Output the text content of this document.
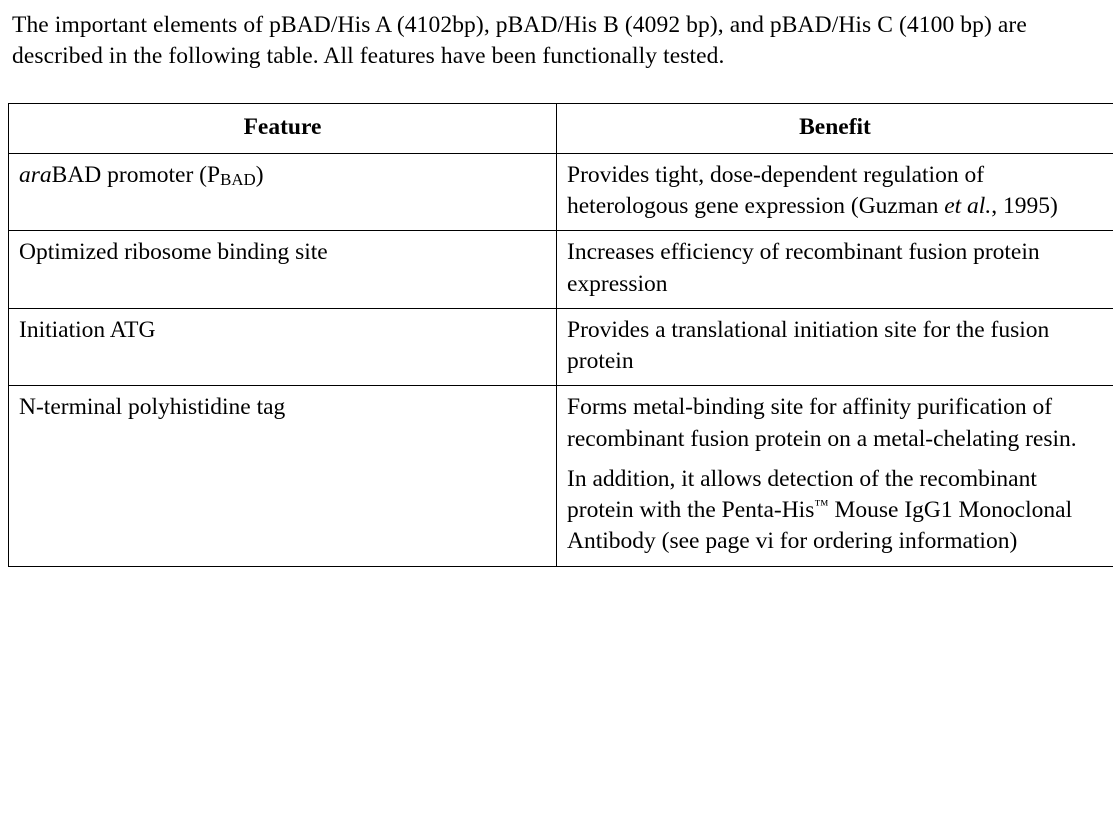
The important elements of pBAD/His A (4102bp), pBAD/His B (4092 bp), and pBAD/His C (4100 bp) are described in the following table. All features have been functionally tested.

Feature	Benefit

araBAD promoter (PBAD)	Provides tight, dose-dependent regulation of heterologous gene expression (Guzman et al., 1995)

Optimized ribosome binding site	Increases efficiency of recombinant fusion protein expression

Initiation ATG	Provides a translational initiation site for the fusion protein

N-terminal polyhistidine tag	Forms metal-binding site for affinity purification of recombinant fusion protein on a metal-chelating resin.

In addition, it allows detection of the recombinant protein with the Penta-His™ Mouse IgG1 Monoclonal Antibody (see page vi for ordering information)
